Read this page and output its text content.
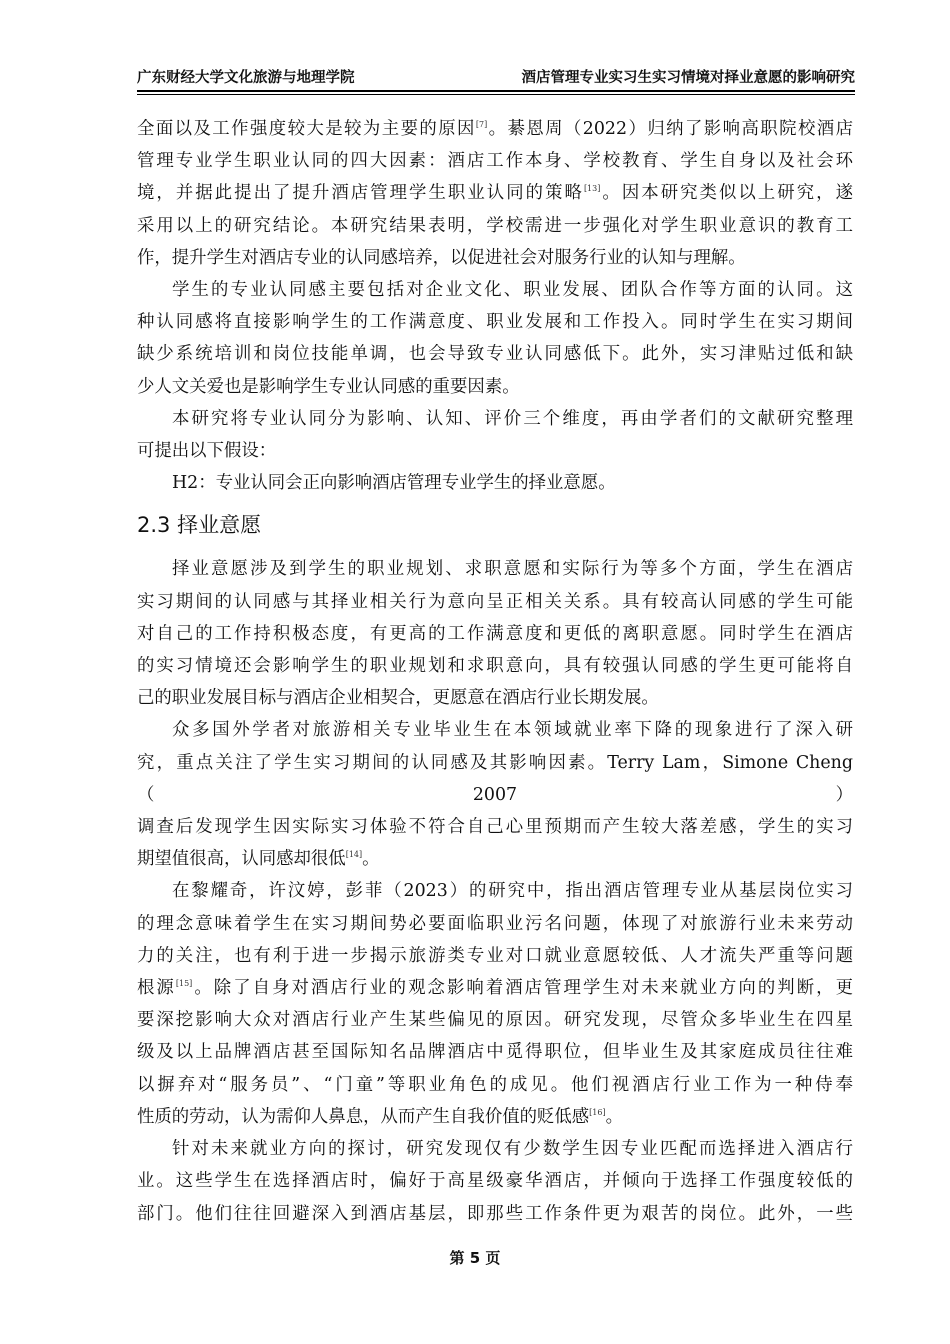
广东财经大学文化旅游与地理学院	酒店管理专业实习生实习情境对择业意愿的影响研究

全面以及工作强度较大是较为主要的原因[7]。綦恩周（2022）归纳了影响高职院校酒店
管理专业学生职业认同的四大因素：酒店工作本身、学校教育、学生自身以及社会环
境，并据此提出了提升酒店管理学生职业认同的策略[13]。因本研究类似以上研究，遂
采用以上的研究结论。本研究结果表明，学校需进一步强化对学生职业意识的教育工
作，提升学生对酒店专业的认同感培养，以促进社会对服务行业的认知与理解。

学生的专业认同感主要包括对企业文化、职业发展、团队合作等方面的认同。这
种认同感将直接影响学生的工作满意度、职业发展和工作投入。同时学生在实习期间
缺少系统培训和岗位技能单调，也会导致专业认同感低下。此外，实习津贴过低和缺
少人文关爱也是影响学生专业认同感的重要因素。

本研究将专业认同分为影响、认知、评价三个维度，再由学者们的文献研究整理
可提出以下假设：

H2：专业认同会正向影响酒店管理专业学生的择业意愿。

2.3 择业意愿

择业意愿涉及到学生的职业规划、求职意愿和实际行为等多个方面，学生在酒店
实习期间的认同感与其择业相关行为意向呈正相关关系。具有较高认同感的学生可能
对自己的工作持积极态度，有更高的工作满意度和更低的离职意愿。同时学生在酒店
的实习情境还会影响学生的职业规划和求职意向，具有较强认同感的学生更可能将自
己的职业发展目标与酒店企业相契合，更愿意在酒店行业长期发展。

众多国外学者对旅游相关专业毕业生在本领域就业率下降的现象进行了深入研
究，重点关注了学生实习期间的认同感及其影响因素。Terry Lam，Simone Cheng（2007）
调查后发现学生因实际实习体验不符合自己心里预期而产生较大落差感，学生的实习
期望值很高，认同感却很低[14]。

在黎耀奇，许汶婷，彭菲（2023）的研究中，指出酒店管理专业从基层岗位实习
的理念意味着学生在实习期间势必要面临职业污名问题，体现了对旅游行业未来劳动
力的关注，也有利于进一步揭示旅游类专业对口就业意愿较低、人才流失严重等问题
根源[15]。除了自身对酒店行业的观念影响着酒店管理学生对未来就业方向的判断，更
要深挖影响大众对酒店行业产生某些偏见的原因。研究发现，尽管众多毕业生在四星
级及以上品牌酒店甚至国际知名品牌酒店中觅得职位，但毕业生及其家庭成员往往难
以摒弃对“服务员”、“门童”等职业角色的成见。他们视酒店行业工作为一种侍奉
性质的劳动，认为需仰人鼻息，从而产生自我价值的贬低感[16]。

针对未来就业方向的探讨，研究发现仅有少数学生因专业匹配而选择进入酒店行
业。这些学生在选择酒店时，偏好于高星级豪华酒店，并倾向于选择工作强度较低的
部门。他们往往回避深入到酒店基层，即那些工作条件更为艰苦的岗位。此外，一些

第 5 页
